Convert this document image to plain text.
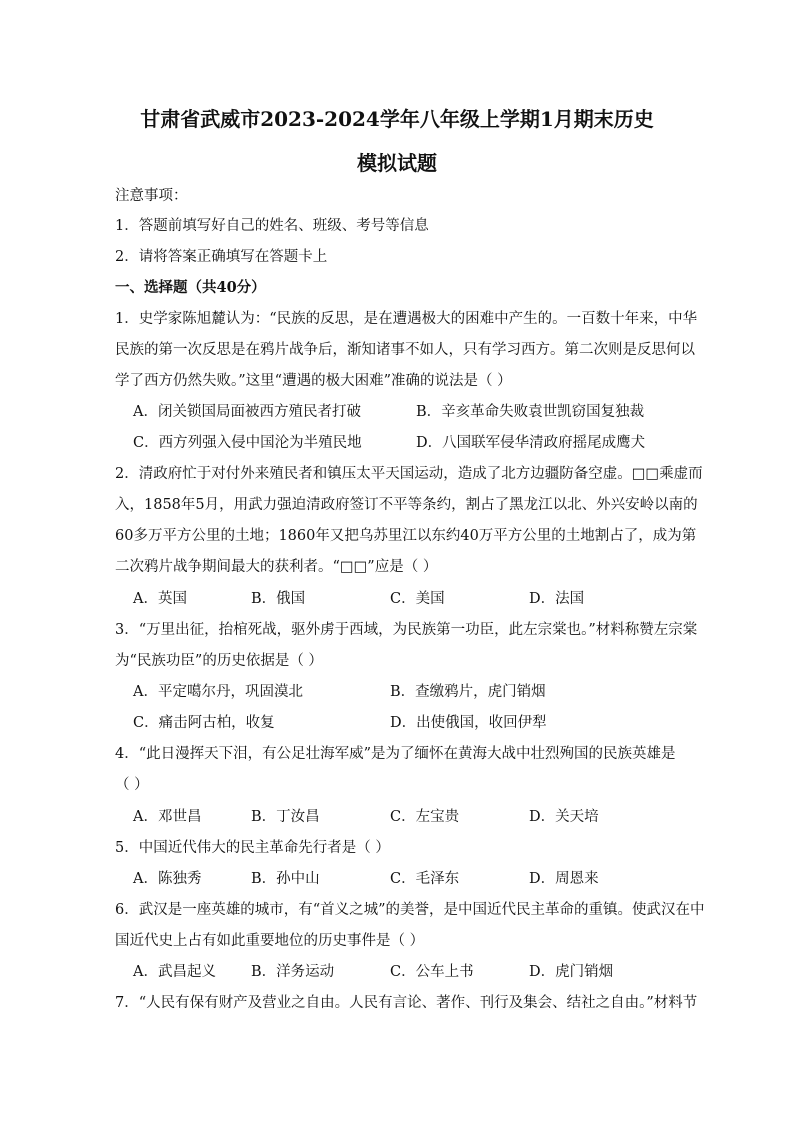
甘肃省武威市2023-2024学年八年级上学期1月期末历史
模拟试题
注意事项：
1．答题前填写好自己的姓名、班级、考号等信息
2．请将答案正确填写在答题卡上
一、选择题（共40分）
1．史学家陈旭麓认为：“民族的反思，是在遭遇极大的困难中产生的。一百数十年来，中华
民族的第一次反思是在鸦片战争后，渐知诸事不如人，只有学习西方。第二次则是反思何以
学了西方仍然失败。”这里“遭遇的极大困难”准确的说法是（ ）
A．闭关锁国局面被西方殖民者打破	B．辛亥革命失败袁世凯窃国复独裁
C．西方列强入侵中国沦为半殖民地	D．八国联军侵华清政府摇尾成鹰犬
2．清政府忙于对付外来殖民者和镇压太平天国运动，造成了北方边疆防备空虚。□□乘虚而
入，1858年5月，用武力强迫清政府签订不平等条约，割占了黑龙江以北、外兴安岭以南的
60多万平方公里的土地；1860年又把乌苏里江以东约40万平方公里的土地割占了，成为第
二次鸦片战争期间最大的获利者。“□□”应是（ ）
A．英国	B．俄国	C．美国	D．法国
3．“万里出征，抬棺死战，驱外虏于西域，为民族第一功臣，此左宗棠也。”材料称赞左宗棠
为“民族功臣”的历史依据是（ ）
A．平定噶尔丹，巩固漠北	B．查缴鸦片，虎门销烟
C．痛击阿古柏，收复	D．出使俄国，收回伊犁
4．“此日漫挥天下泪，有公足壮海军威”是为了缅怀在黄海大战中壮烈殉国的民族英雄是
（ ）
A．邓世昌	B．丁汝昌	C．左宝贵	D．关天培
5．中国近代伟大的民主革命先行者是（ ）
A．陈独秀	B．孙中山	C．毛泽东	D．周恩来
6．武汉是一座英雄的城市，有“首义之城”的美誉，是中国近代民主革命的重镇。使武汉在中
国近代史上占有如此重要地位的历史事件是（ ）
A．武昌起义 B．洋务运动	C．公车上书	D．虎门销烟
7．“人民有保有财产及营业之自由。人民有言论、著作、刊行及集会、结社之自由。”材料节
